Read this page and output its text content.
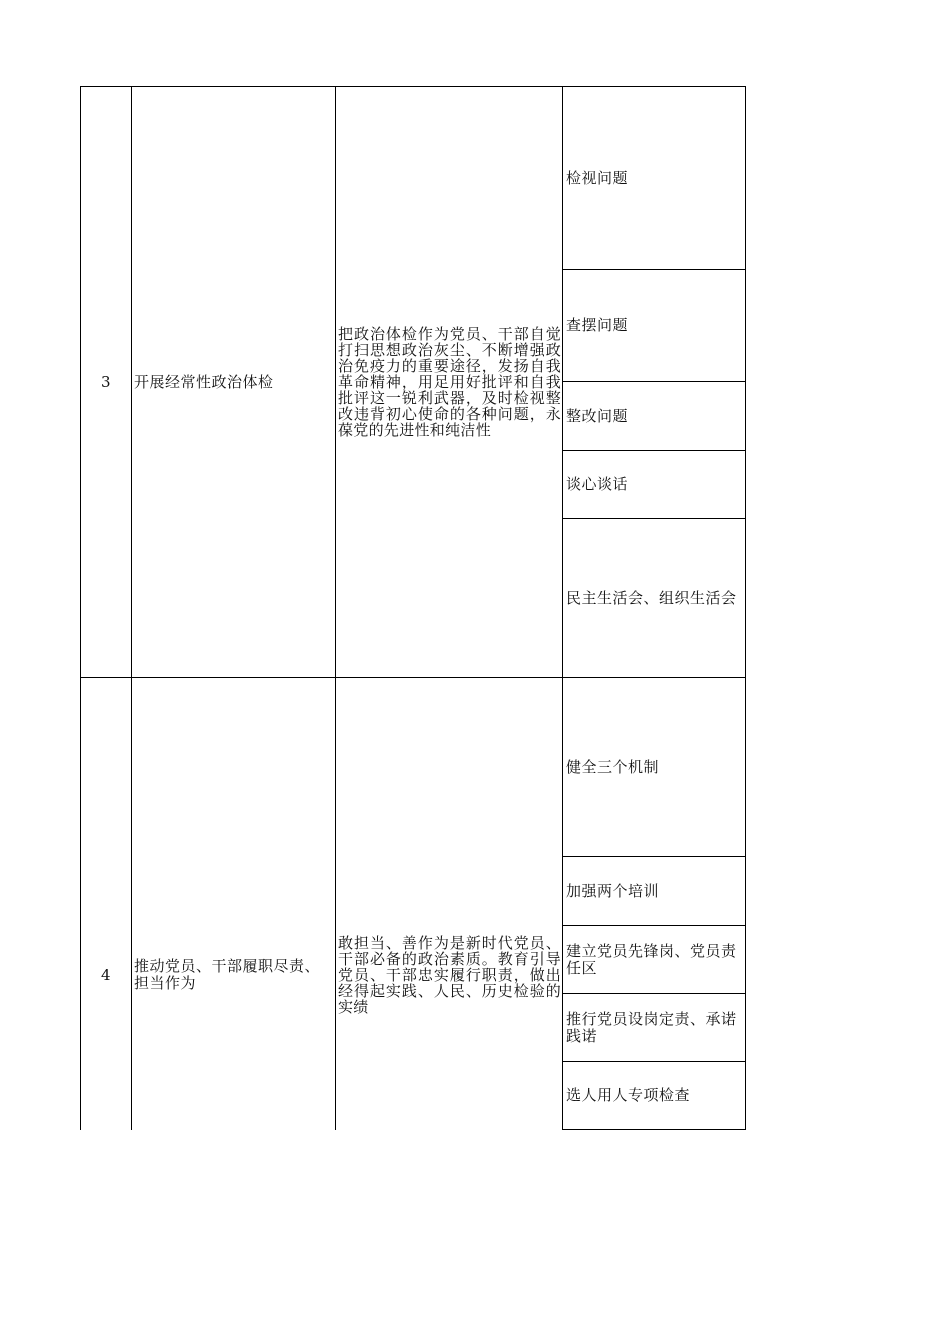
3	开展经常性政治体检
把政治体检作为党员、干部自觉打扫思想政治灰尘、不断增强政治免疫力的重要途径，发扬自我革命精神，用足用好批评和自我批评这一锐利武器，及时检视整改违背初心使命的各种问题，永葆党的先进性和纯洁性
检视问题
查摆问题
整改问题
谈心谈话
民主生活会、组织生活会
4	推动党员、干部履职尽责、担当作为
敢担当、善作为是新时代党员、干部必备的政治素质。教育引导党员、干部忠实履行职责，做出经得起实践、人民、历史检验的实绩
健全三个机制
加强两个培训
建立党员先锋岗、党员责任区
推行党员设岗定责、承诺践诺
选人用人专项检查
